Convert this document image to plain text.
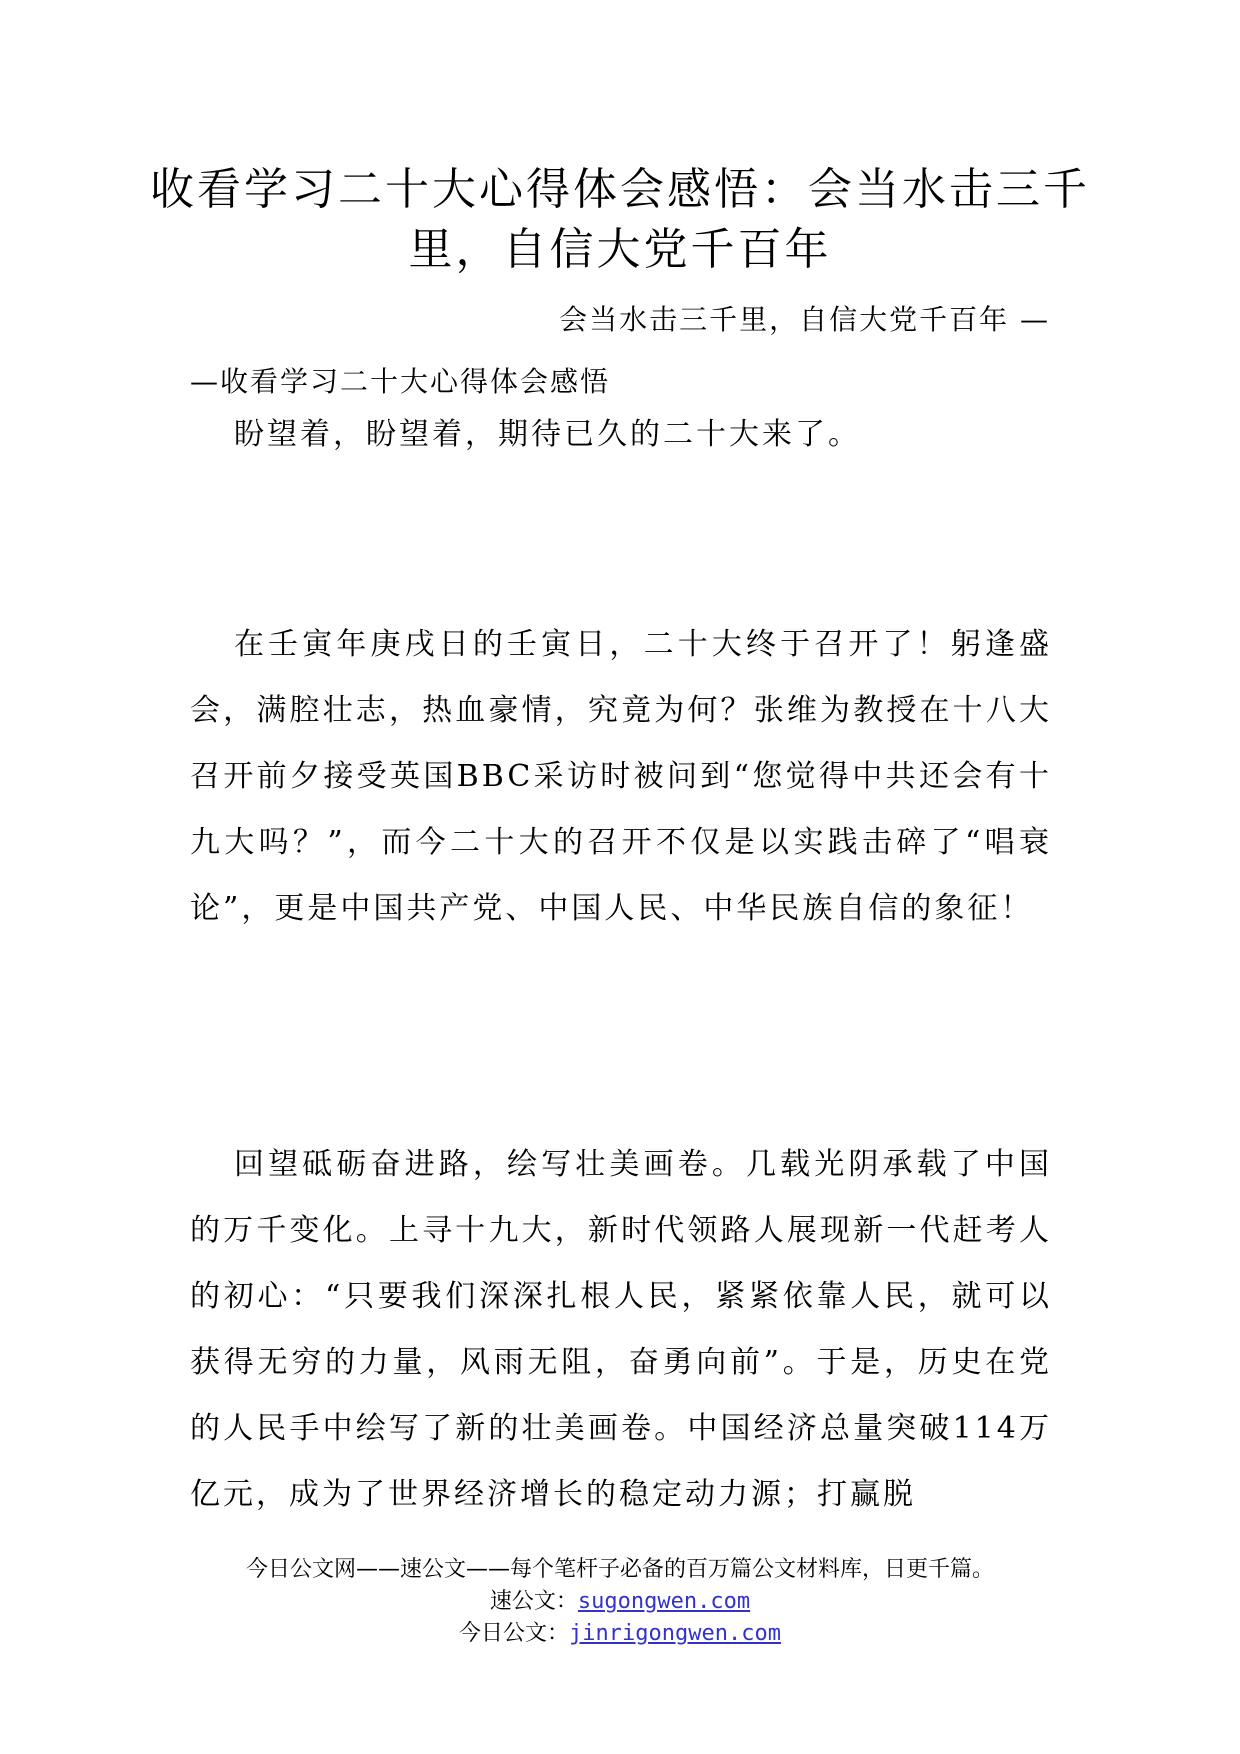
收看学习二十大心得体会感悟：会当水击三千里，自信大党千百年

会当水击三千里，自信大党千百年 —

—收看学习二十大心得体会感悟

盼望着，盼望着，期待已久的二十大来了。

在壬寅年庚戌日的壬寅日，二十大终于召开了！躬逢盛会，满腔壮志，热血豪情，究竟为何？张维为教授在十八大召开前夕接受英国BBC采访时被问到“您觉得中共还会有十九大吗？”，而今二十大的召开不仅是以实践击碎了“唱衰论”，更是中国共产党、中国人民、中华民族自信的象征！

回望砥砺奋进路，绘写壮美画卷。几载光阴承载了中国的万千变化。上寻十九大，新时代领路人展现新一代赶考人的初心：“只要我们深深扎根人民，紧紧依靠人民，就可以获得无穷的力量，风雨无阻，奋勇向前”。于是，历史在党的人民手中绘写了新的壮美画卷。中国经济总量突破114万亿元，成为了世界经济增长的稳定动力源；打赢脱

今日公文网——速公文——每个笔杆子必备的百万篇公文材料库，日更千篇。

速公文：sugongwen.com

今日公文：jinrigongwen.com
